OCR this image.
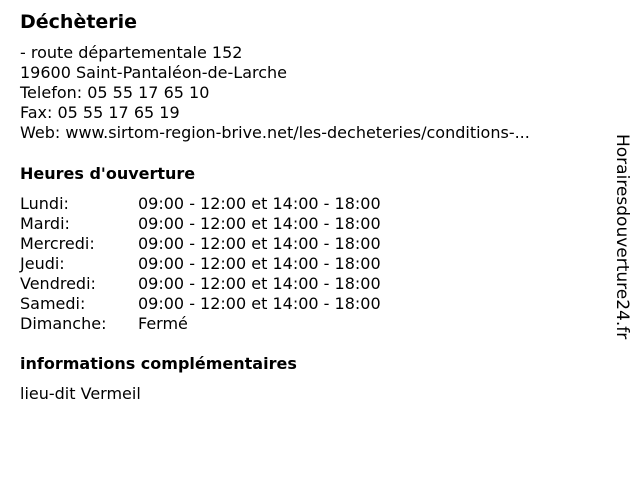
Déchèterie
- route départementale 152
19600 Saint-Pantaléon-de-Larche
Telefon: 05 55 17 65 10
Fax: 05 55 17 65 19
Web: www.sirtom-region-brive.net/les-decheteries/conditions-...
Heures d'ouverture
Lundi:	09:00 - 12:00 et 14:00 - 18:00
Mardi:	09:00 - 12:00 et 14:00 - 18:00
Mercredi:	09:00 - 12:00 et 14:00 - 18:00
Jeudi:	09:00 - 12:00 et 14:00 - 18:00
Vendredi:	09:00 - 12:00 et 14:00 - 18:00
Samedi:	09:00 - 12:00 et 14:00 - 18:00
Dimanche: Fermé
informations complémentaires
lieu-dit Vermeil
Horairesdouverture24.fr
